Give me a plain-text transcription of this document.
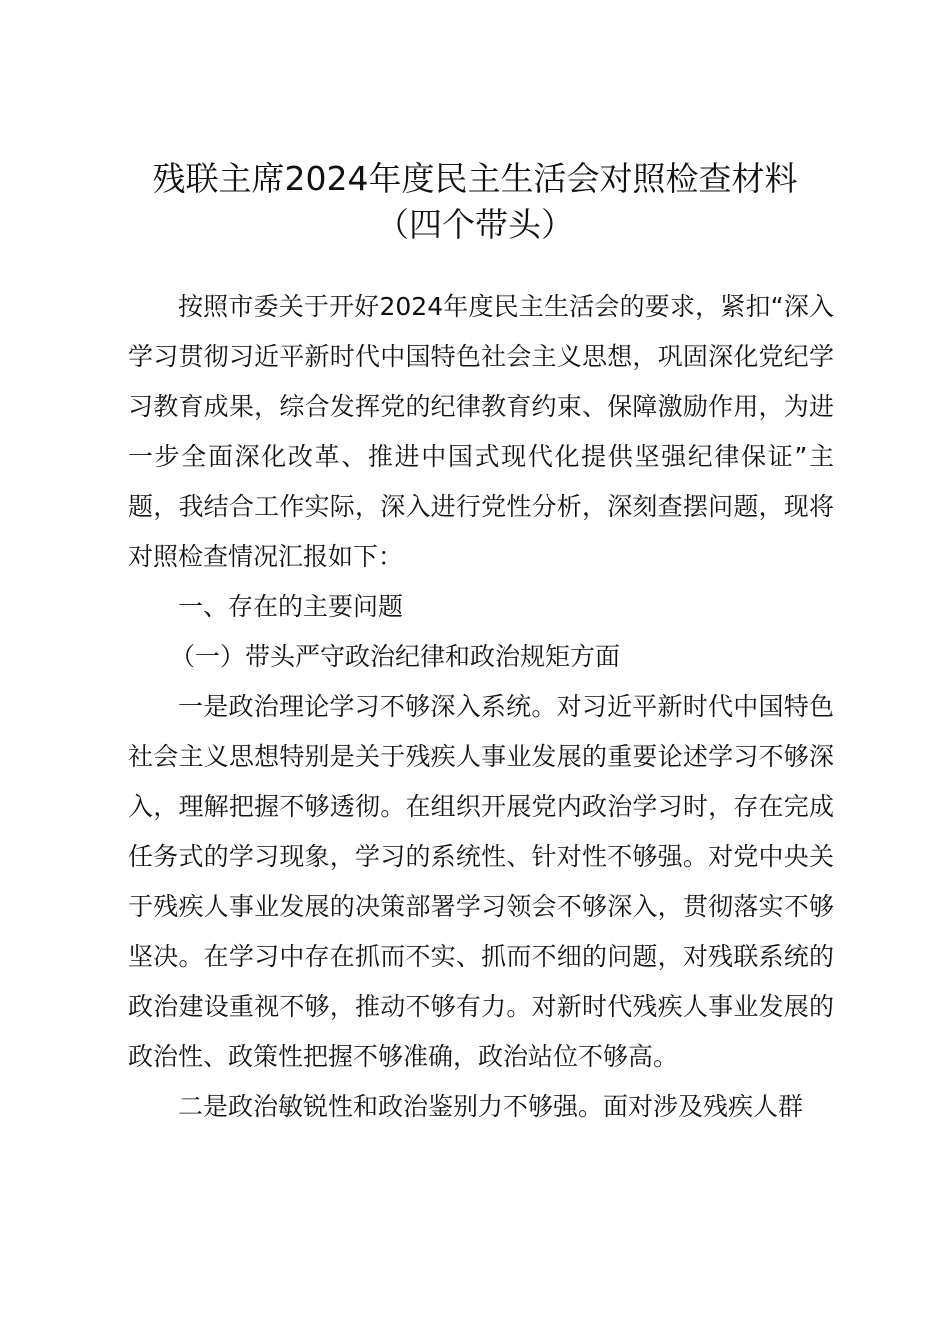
残联主席2024年度民主生活会对照检查材料
（四个带头）

按照市委关于开好2024年度民主生活会的要求，紧扣“深入学习贯彻习近平新时代中国特色社会主义思想，巩固深化党纪学习教育成果，综合发挥党的纪律教育约束、保障激励作用，为进一步全面深化改革、推进中国式现代化提供坚强纪律保证”主题，我结合工作实际，深入进行党性分析，深刻查摆问题，现将对照检查情况汇报如下：

一、存在的主要问题

（一）带头严守政治纪律和政治规矩方面

一是政治理论学习不够深入系统。对习近平新时代中国特色社会主义思想特别是关于残疾人事业发展的重要论述学习不够深入，理解把握不够透彻。在组织开展党内政治学习时，存在完成任务式的学习现象，学习的系统性、针对性不够强。对党中央关于残疾人事业发展的决策部署学习领会不够深入，贯彻落实不够坚决。在学习中存在抓而不实、抓而不细的问题，对残联系统的政治建设重视不够，推动不够有力。对新时代残疾人事业发展的政治性、政策性把握不够准确，政治站位不够高。

二是政治敏锐性和政治鉴别力不够强。面对涉及残疾人群
